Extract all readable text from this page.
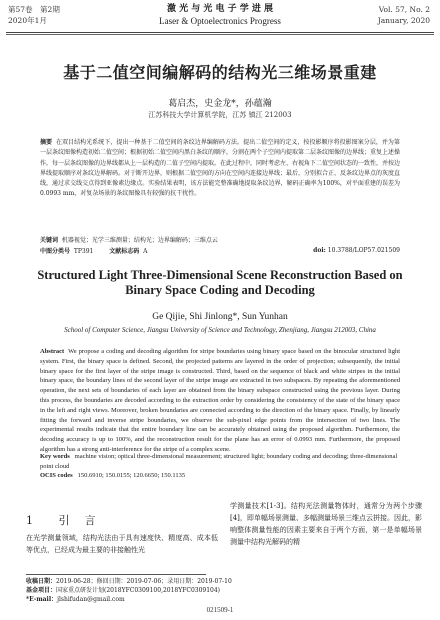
第57卷　第2期
2020年1月
激 光 与 光 电 子 学 进 展
Laser & Optoelectronics Progress
Vol. 57, No. 2
January, 2020
基于二值空间编解码的结构光三维场景重建
葛启杰，史金龙*，孙蕴瀚
江苏科技大学计算机学院，江苏 镇江 212003
摘要 在双目结构光系统下，提出一种基于二值空间的条纹边界编解码方法。提出二值空间的定义，按投影顺序将投影图案分层，并为第一层条纹图像构造初始二值空间；根据初始二值空间内黑白条纹的顺序，分割在两个子空间内提取第二层条纹图像的边界线；重复上述操作，每一层条纹图像的边界线都从上一层构造的二值子空间内提取。在此过程中，同时考虑左、右视角下二值空间状态的一致性，并按边界线提取顺序对条纹边界解码。对于断开边界，则根据二值空间的方向在空间内连接边界线；最后，分别拟合正、反条纹边界点的灰度直线，通过求交线交点得到亚像素边缘点。实验结果表明，该方法能完整准确地提取条纹边界，解码正确率为100%，对平面重建的误差为0.0993 mm，对复杂场景的条纹图像具有较强的抗干扰性。
关键词 机器视觉；光学三维测量；结构光；边界编解码；三维点云
中图分类号 TP391	文献标志码 A	doi: 10.3788/LOP57.021509
Structured Light Three-Dimensional Scene Reconstruction Based on Binary Space Coding and Decoding
Ge Qijie, Shi Jinlong*, Sun Yunhan
School of Computer Science, Jiangsu University of Science and Technology, Zhenjiang, Jiangsu 212003, China
Abstract We propose a coding and decoding algorithm for stripe boundaries using binary space based on the binocular structured light system. First, the binary space is defined. Second, the projected patterns are layered in the order of projection; subsequently, the initial binary space for the first layer of the stripe image is constructed. Third, based on the sequence of black and white stripes in the initial binary space, the boundary lines of the second layer of the stripe image are extracted in two subspaces. By repeating the aforementioned operation, the next sets of boundaries of each layer are obtained from the binary subspace constructed using the previous layer. During this process, the boundaries are decoded according to the extraction order by considering the consistency of the state of the binary space in the left and right views. Moreover, broken boundaries are connected according to the direction of the binary space. Finally, by linearly fitting the forward and inverse stripe boundaries, we observe the sub-pixel edge points from the intersection of two lines. The experimental results indicate that the entire boundary line can be accurately obtained using the proposed algorithm. Furthermore, the decoding accuracy is up to 100%, and the reconstruction result for the plane has an error of 0.0993 mm. Furthermore, the proposed algorithm has a strong anti-interference for the stripe of a complex scene.
Key words machine vision; optical three-dimensional measurement; structured light; boundary coding and decoding; three-dimensional point cloud
OCIS codes 150.6910; 150.0155; 120.6650; 150.1135
1 引　言
在光学测量领域，结构光法由于具有速度快、精度高、成本低等优点，已经成为最主要的非接触性光
学测量技术[1-3]。结构光法测量物体时，通常分为两个步骤[4]，即单幅场景测量、多幅测量场景三维点云拼接。因此，影响整体测量性能的因素主要来自于两个方面，第一是单幅场景测量中结构光解码的精
收稿日期：2019-06-28；修回日期：2019-07-06；录用日期：2019-07-10
基金项目：国家重点研发计划(2018YFC0309100,2018YFC0309104)
*E-mail：jlshifudan@gmail.com
021509-1
